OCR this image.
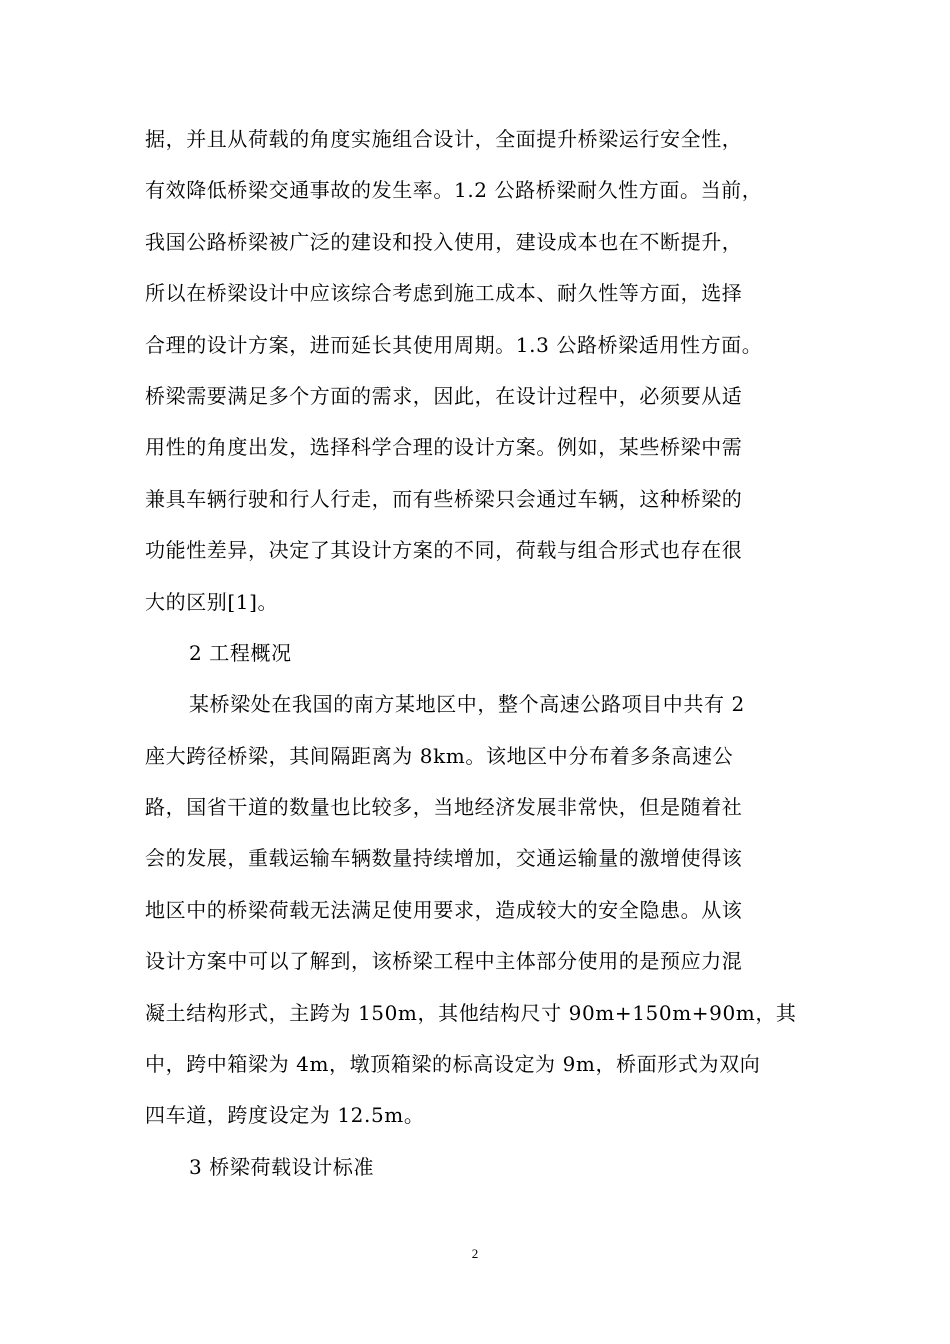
据，并且从荷载的角度实施组合设计，全面提升桥梁运行安全性，
有效降低桥梁交通事故的发生率。1.2 公路桥梁耐久性方面。当前，
我国公路桥梁被广泛的建设和投入使用，建设成本也在不断提升，
所以在桥梁设计中应该综合考虑到施工成本、耐久性等方面，选择
合理的设计方案，进而延长其使用周期。1.3 公路桥梁适用性方面。
桥梁需要满足多个方面的需求，因此，在设计过程中，必须要从适
用性的角度出发，选择科学合理的设计方案。例如，某些桥梁中需
兼具车辆行驶和行人行走，而有些桥梁只会通过车辆，这种桥梁的
功能性差异，决定了其设计方案的不同，荷载与组合形式也存在很
大的区别[1]。
2 工程概况
某桥梁处在我国的南方某地区中，整个高速公路项目中共有 2
座大跨径桥梁，其间隔距离为 8km。该地区中分布着多条高速公
路，国省干道的数量也比较多，当地经济发展非常快，但是随着社
会的发展，重载运输车辆数量持续增加，交通运输量的激增使得该
地区中的桥梁荷载无法满足使用要求，造成较大的安全隐患。从该
设计方案中可以了解到，该桥梁工程中主体部分使用的是预应力混
凝土结构形式，主跨为 150m，其他结构尺寸 90m+150m+90m，其
中，跨中箱梁为 4m，墩顶箱梁的标高设定为 9m，桥面形式为双向
四车道，跨度设定为 12.5m。
3 桥梁荷载设计标准
2
